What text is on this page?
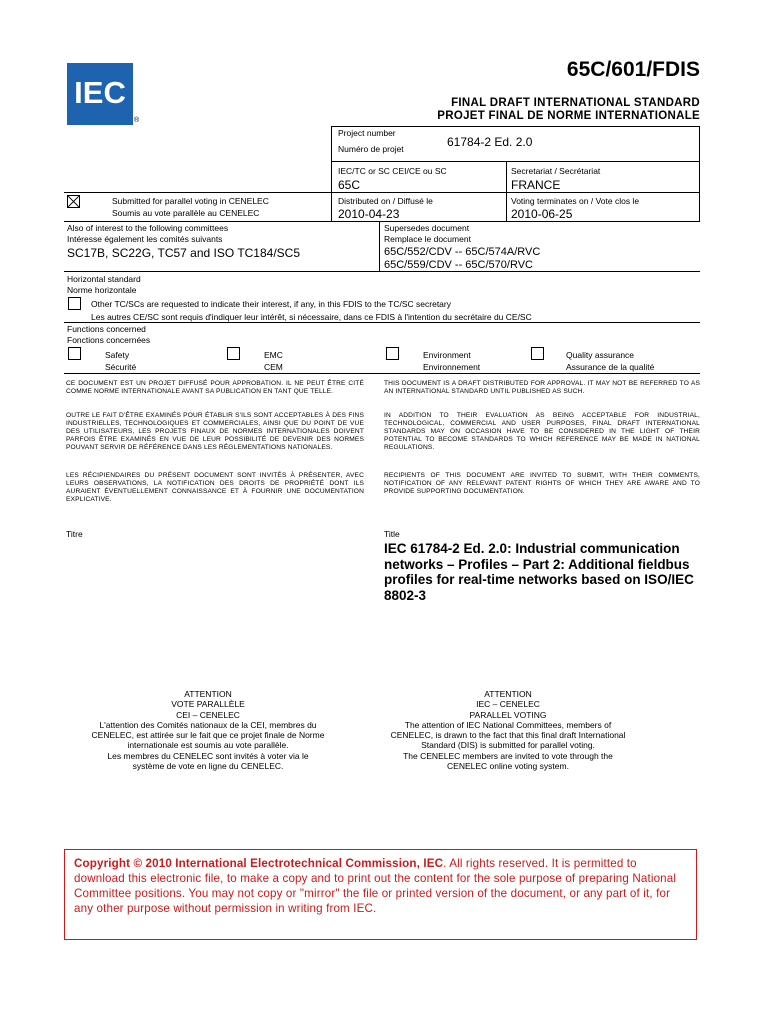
IEC
®
65C/601/FDIS
FINAL DRAFT INTERNATIONAL STANDARD
PROJET FINAL DE NORME INTERNATIONALE
Project number
Numéro de projet	61784-2 Ed. 2.0
IEC/TC or SC CEI/CE ou SC
65C
Secretariat / Secrétariat
FRANCE
Submitted for parallel voting in CENELEC
Soumis au vote parallèle au CENELEC
Distributed on / Diffusé le
2010-04-23
Voting terminates on / Vote clos le
2010-06-25
Also of interest to the following committees
Intéresse également les comités suivants
SC17B, SC22G, TC57 and ISO TC184/SC5
Supersedes document
Remplace le document
65C/552/CDV -- 65C/574A/RVC
65C/559/CDV -- 65C/570/RVC
Horizontal standard
Norme horizontale
Other TC/SCs are requested to indicate their interest, if any, in this FDIS to the TC/SC secretary
Les autres CE/SC sont requis d'indiquer leur intérêt, si nécessaire, dans ce FDIS à l'intention du secrétaire du CE/SC
Functions concerned
Fonctions concernées
Safety
Sécurité
EMC
CEM
Environment
Environnement
Quality assurance
Assurance de la qualité
CE DOCUMENT EST UN PROJET DIFFUSÉ POUR APPROBATION. IL NE PEUT ÊTRE CITÉ COMME NORME INTERNATIONALE AVANT SA PUBLICATION EN TANT QUE TELLE.
OUTRE LE FAIT D'ÊTRE EXAMINÉS POUR ÉTABLIR S'ILS SONT ACCEPTABLES À DES FINS INDUSTRIELLES, TECHNOLOGIQUES ET COMMERCIALES, AINSI QUE DU POINT DE VUE DES UTILISATEURS, LES PROJETS FINAUX DE NORMES INTERNATIONALES DOIVENT PARFOIS ÊTRE EXAMINÉS EN VUE DE LEUR POSSIBILITÉ DE DEVENIR DES NORMES POUVANT SERVIR DE RÉFÉRENCE DANS LES RÉGLEMENTATIONS NATIONALES.
LES RÉCIPIENDAIRES DU PRÉSENT DOCUMENT SONT INVITÉS À PRÉSENTER, AVEC LEURS OBSERVATIONS, LA NOTIFICATION DES DROITS DE PROPRIÉTÉ DONT ILS AURAIENT ÉVENTUELLEMENT CONNAISSANCE ET À FOURNIR UNE DOCUMENTATION EXPLICATIVE.
THIS DOCUMENT IS A DRAFT DISTRIBUTED FOR APPROVAL. IT MAY NOT BE REFERRED TO AS AN INTERNATIONAL STANDARD UNTIL PUBLISHED AS SUCH.
IN ADDITION TO THEIR EVALUATION AS BEING ACCEPTABLE FOR INDUSTRIAL, TECHNOLOGICAL, COMMERCIAL AND USER PURPOSES, FINAL DRAFT INTERNATIONAL STANDARDS MAY ON OCCASION HAVE TO BE CONSIDERED IN THE LIGHT OF THEIR POTENTIAL TO BECOME STANDARDS TO WHICH REFERENCE MAY BE MADE IN NATIONAL REGULATIONS.
RECIPIENTS OF THIS DOCUMENT ARE INVITED TO SUBMIT, WITH THEIR COMMENTS, NOTIFICATION OF ANY RELEVANT PATENT RIGHTS OF WHICH THEY ARE AWARE AND TO PROVIDE SUPPORTING DOCUMENTATION.
Titre	Title
IEC 61784-2 Ed. 2.0: Industrial communication networks – Profiles – Part 2: Additional fieldbus profiles for real-time networks based on ISO/IEC 8802-3
ATTENTION
VOTE PARALLÈLE
CEI – CENELEC
L'attention des Comités nationaux de la CEI, membres du
CENELEC, est attirée sur le fait que ce projet finale de Norme
internationale est soumis au vote parallèle.
Les membres du CENELEC sont invités à voter via le
système de vote en ligne du CENELEC.
ATTENTION
IEC – CENELEC
PARALLEL VOTING
The attention of IEC National Committees, members of
CENELEC, is drawn to the fact that this final draft International
Standard (DIS) is submitted for parallel voting.
The CENELEC members are invited to vote through the
CENELEC online voting system.
Copyright © 2010 International Electrotechnical Commission, IEC. All rights reserved. It is permitted to download this electronic file, to make a copy and to print out the content for the sole purpose of preparing National Committee positions. You may not copy or "mirror" the file or printed version of the document, or any part of it, for any other purpose without permission in writing from IEC.
